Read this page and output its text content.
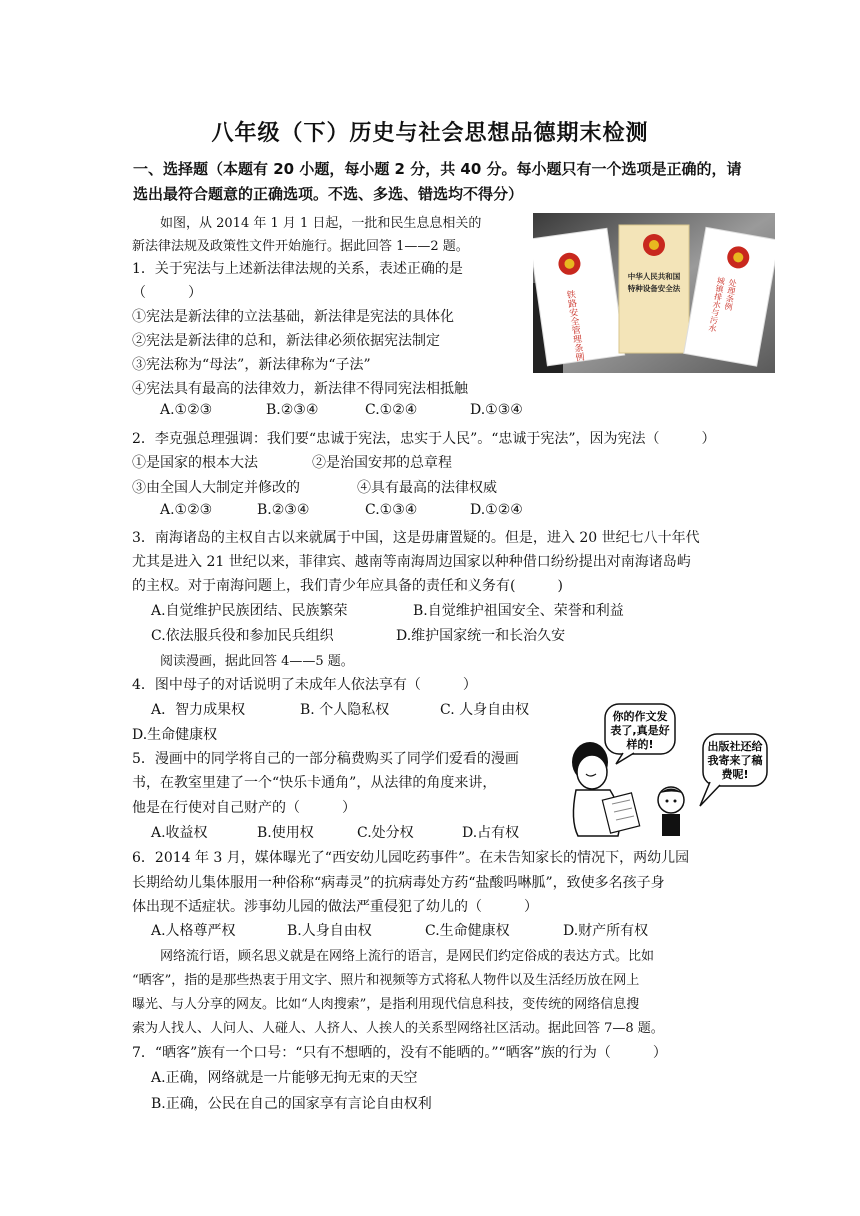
八年级（下）历史与社会思想品德期末检测
一、选择题（本题有 20 小题，每小题 2 分，共 40 分。每小题只有一个选项是正确的，请
选出最符合题意的正确选项。不选、多选、错选均不得分）
如图，从 2014 年 1 月 1 日起，一批和民生息息相关的
新法律法规及政策性文件开始施行。据此回答 1——2 题。
铁路安全管理条例
中华人民共和国
特种设备安全法	城镇排水与污水
处理条例
1．关于宪法与上述新法律法规的关系，表述正确的是
（　　　）
①宪法是新法律的立法基础，新法律是宪法的具体化
②宪法是新法律的总和，新法律必须依据宪法制定
③宪法称为“母法”，新法律称为“子法”
④宪法具有最高的法律效力，新法律不得同宪法相抵触
A.①②③	B.②③④	C.①②④	D.①③④
2．李克强总理强调：我们要“忠诚于宪法，忠实于人民”。“忠诚于宪法”，因为宪法（　　　）
①是国家的根本大法	②是治国安邦的总章程
③由全国人大制定并修改的	④具有最高的法律权威
A.①②③	B.②③④	C.①③④	D.①②④
3．南海诸岛的主权自古以来就属于中国，这是毋庸置疑的。但是，进入 20 世纪七八十年代
尤其是进入 21 世纪以来，菲律宾、越南等南海周边国家以种种借口纷纷提出对南海诸岛屿
的主权。对于南海问题上，我们青少年应具备的责任和义务有(　　　)
A.自觉维护民族团结、民族繁荣	B.自觉维护祖国安全、荣誉和利益
C.依法服兵役和参加民兵组织	D.维护国家统一和长治久安
阅读漫画，据此回答 4——5 题。
4．图中母子的对话说明了未成年人依法享有（　　　）
A．智力成果权	B. 个人隐私权	C. 人身自由权
D.生命健康权
你的作文发
表了,真是好
样的!	出版社还给
我寄来了稿
费呢!
5．漫画中的同学将自己的一部分稿费购买了同学们爱看的漫画
书，在教室里建了一个“快乐卡通角”，从法律的角度来讲，
他是在行使对自己财产的（　　　）
A.收益权	B.使用权	C.处分权	D.占有权
6．2014 年 3 月，媒体曝光了“西安幼儿园吃药事件”。在未告知家长的情况下，两幼儿园
长期给幼儿集体服用一种俗称“病毒灵”的抗病毒处方药“盐酸吗啉胍”，致使多名孩子身
体出现不适症状。涉事幼儿园的做法严重侵犯了幼儿的（　　　）
A.人格尊严权	B.人身自由权	C.生命健康权	D.财产所有权
网络流行语，顾名思义就是在网络上流行的语言，是网民们约定俗成的表达方式。比如
“晒客”，指的是那些热衷于用文字、照片和视频等方式将私人物件以及生活经历放在网上
曝光、与人分享的网友。比如“人肉搜索”，是指利用现代信息科技，变传统的网络信息搜
索为人找人、人问人、人碰人、人挤人、人挨人的关系型网络社区活动。据此回答 7—8 题。
7．“晒客”族有一个口号：“只有不想晒的，没有不能晒的。”“晒客”族的行为（　　　）
A.正确，网络就是一片能够无拘无束的天空
B.正确，公民在自己的国家享有言论自由权利
